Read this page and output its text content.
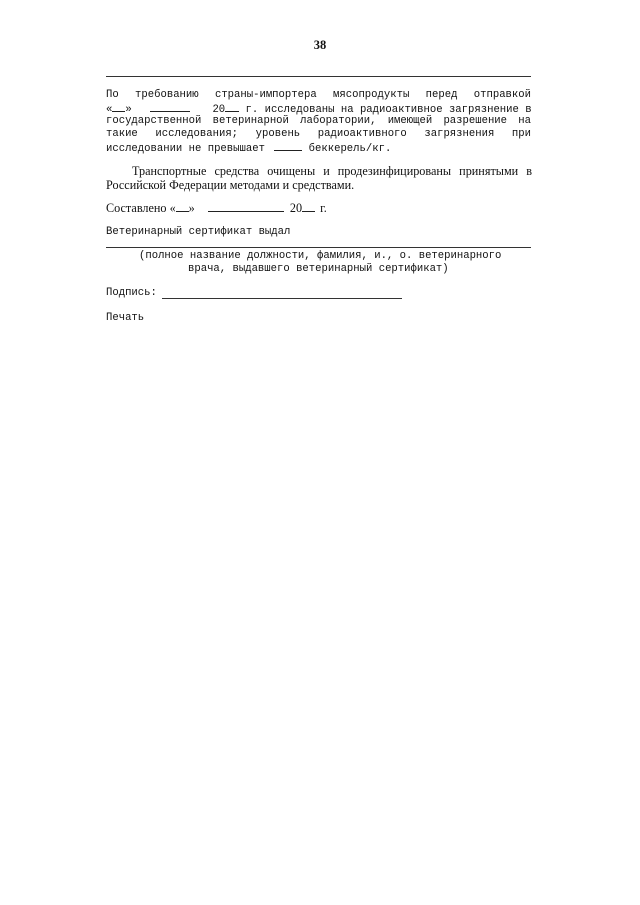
38
По требованию страны-импортера мясопродукты перед отправкой
« »	20 г. исследованы на радиоактивное загрязнение в
государственной ветеринарной лаборатории, имеющей разрешение на
такие исследования; уровень радиоактивного загрязнения при
исследовании не превышает	беккерель/кг.
Транспортные средства очищены и продезинфицированы принятыми в
Российской Федерации методами и средствами.
Составлено « »	20 г.
Ветеринарный сертификат выдал
(полное название должности, фамилия, и., о. ветеринарного
врача, выдавшего ветеринарный сертификат)
Подпись:
Печать
